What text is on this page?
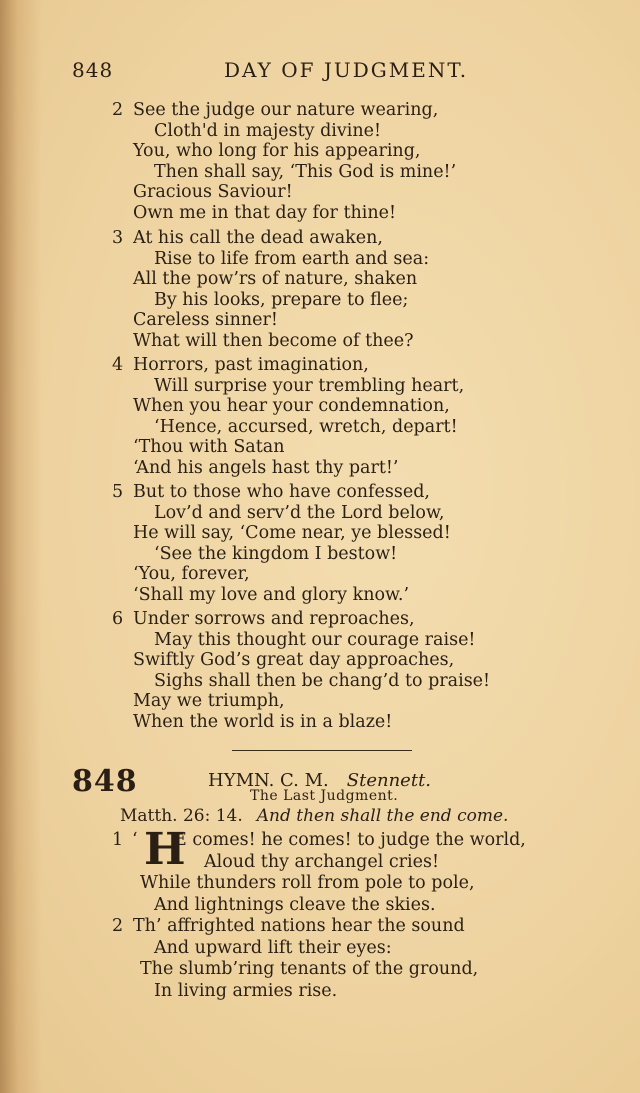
848	DAY OF JUDGMENT.
2 See the judge our nature wearing,
Cloth'd in majesty divine!
You, who long for his appearing,
Then shall say, ‘This God is mine!’
Gracious Saviour!
Own me in that day for thine!
3 At his call the dead awaken,
Rise to life from earth and sea:
All the pow’rs of nature, shaken
By his looks, prepare to flee;
Careless sinner!
What will then become of thee?
4 Horrors, past imagination,
Will surprise your trembling heart,
When you hear your condemnation,
‘Hence, accursed, wretch, depart!
‘Thou with Satan
‘And his angels hast thy part!’
5 But to those who have confessed,
Lov’d and serv’d the Lord below,
He will say, ‘Come near, ye blessed!
‘See the kingdom I bestow!
‘You, forever,
‘Shall my love and glory know.’
6 Under sorrows and reproaches,
May this thought our courage raise!
Swiftly God’s great day approaches,
Sighs shall then be chang’d to praise!
May we triumph,
When the world is in a blaze!
848	HYMN. C. M. Stennett.
The Last Judgment.
Matth. 26: 14. And then shall the end come.
1 ‘ H
E comes! he comes! to judge the world,
Aloud thy archangel cries!
While thunders roll from pole to pole,
And lightnings cleave the skies.
2 Th’ affrighted nations hear the sound
And upward lift their eyes:
The slumb’ring tenants of the ground,
In living armies rise.
